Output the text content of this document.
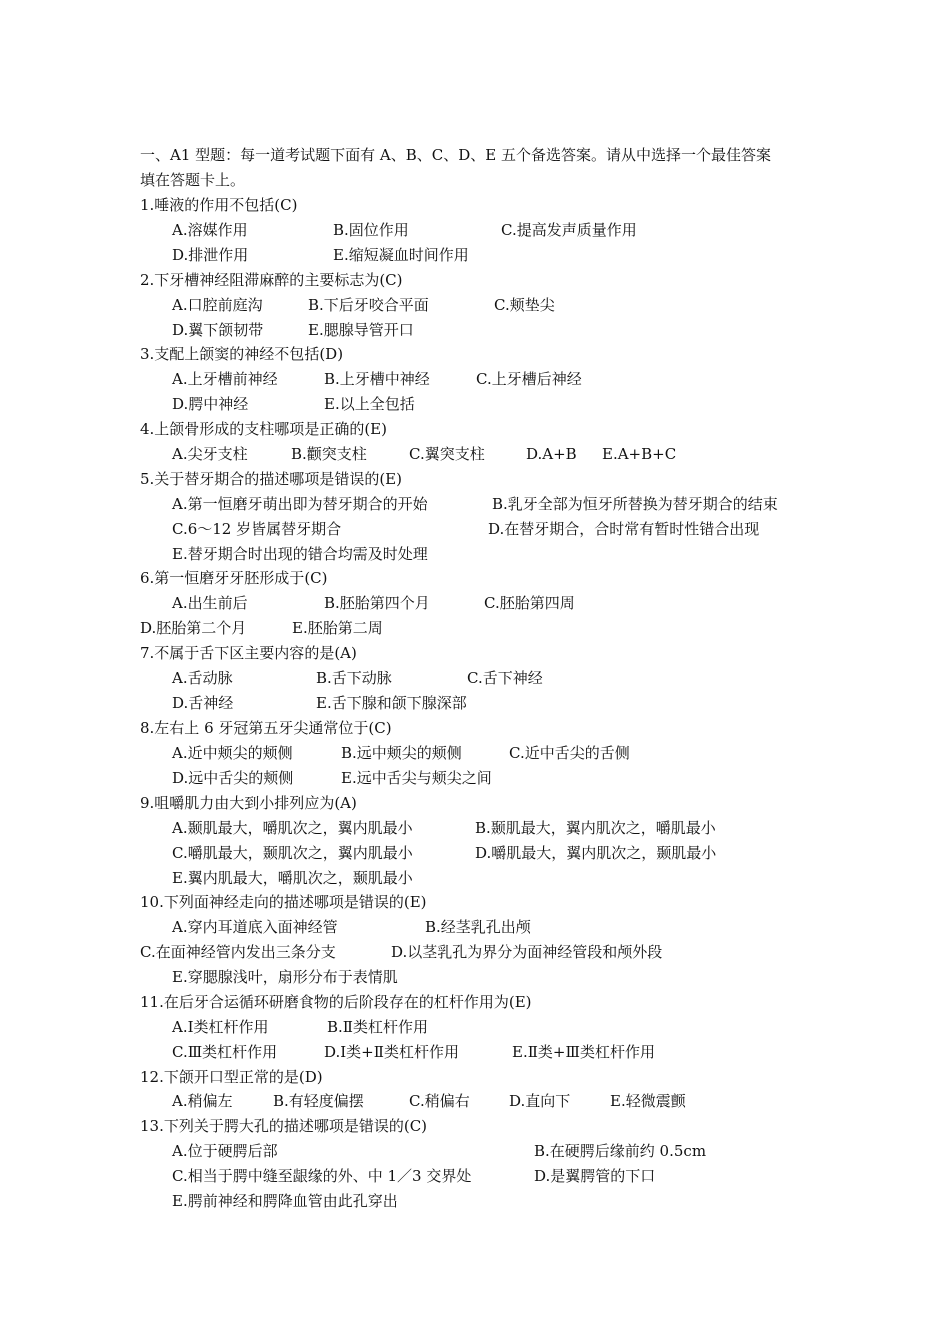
一、A1 型题：每一道考试题下面有 A、B、C、D、E 五个备选答案。请从中选择一个最佳答案
填在答题卡上。
1.唾液的作用不包括(C)
A.溶媒作用	B.固位作用	C.提高发声质量作用
D.排泄作用	E.缩短凝血时间作用
2.下牙槽神经阻滞麻醉的主要标志为(C)
A.口腔前庭沟	B.下后牙咬合平面	C.颊垫尖
D.翼下颌韧带	E.腮腺导管开口
3.支配上颌窦的神经不包括(D)
A.上牙槽前神经	B.上牙槽中神经	C.上牙槽后神经
D.腭中神经	E.以上全包括
4.上颌骨形成的支柱哪项是正确的(E)
A.尖牙支柱	B.颧突支柱	C.翼突支柱	D.A+B E.A+B+C
5.关于替牙期合的描述哪项是错误的(E)
A.第一恒磨牙萌出即为替牙期合的开始	B.乳牙全部为恒牙所替换为替牙期合的结束
C.6～12 岁皆属替牙期合	D.在替牙期合，合时常有暂时性错合出现
E.替牙期合时出现的错合均需及时处理
6.第一恒磨牙牙胚形成于(C)
A.出生前后	B.胚胎第四个月	C.胚胎第四周
D.胚胎第二个月	E.胚胎第二周
7.不属于舌下区主要内容的是(A)
A.舌动脉	B.舌下动脉	C.舌下神经
D.舌神经	E.舌下腺和颌下腺深部
8.左右上 6 牙冠第五牙尖通常位于(C)
A.近中颊尖的颊侧	B.远中颊尖的颊侧	C.近中舌尖的舌侧
D.远中舌尖的颊侧	E.远中舌尖与颊尖之间
9.咀嚼肌力由大到小排列应为(A)
A.颞肌最大，嚼肌次之，翼内肌最小	B.颞肌最大，翼内肌次之，嚼肌最小
C.嚼肌最大，颞肌次之，翼内肌最小	D.嚼肌最大，翼内肌次之，颞肌最小
E.翼内肌最大，嚼肌次之，颞肌最小
10.下列面神经走向的描述哪项是错误的(E)
A.穿内耳道底入面神经管	B.经茎乳孔出颅
C.在面神经管内发出三条分支	D.以茎乳孔为界分为面神经管段和颅外段
E.穿腮腺浅叶，扇形分布于表情肌
11.在后牙合运循环研磨食物的后阶段存在的杠杆作用为(E)
A.Ⅰ类杠杆作用	B.Ⅱ类杠杆作用
C.Ⅲ类杠杆作用	D.Ⅰ类+Ⅱ类杠杆作用	E.Ⅱ类+Ⅲ类杠杆作用
12.下颌开口型正常的是(D)
A.稍偏左	B.有轻度偏摆	C.稍偏右	D.直向下	E.轻微震颤
13.下列关于腭大孔的描述哪项是错误的(C)
A.位于硬腭后部	B.在硬腭后缘前约 0.5cm
C.相当于腭中缝至龈缘的外、中 1／3 交界处	D.是翼腭管的下口
E.腭前神经和腭降血管由此孔穿出
